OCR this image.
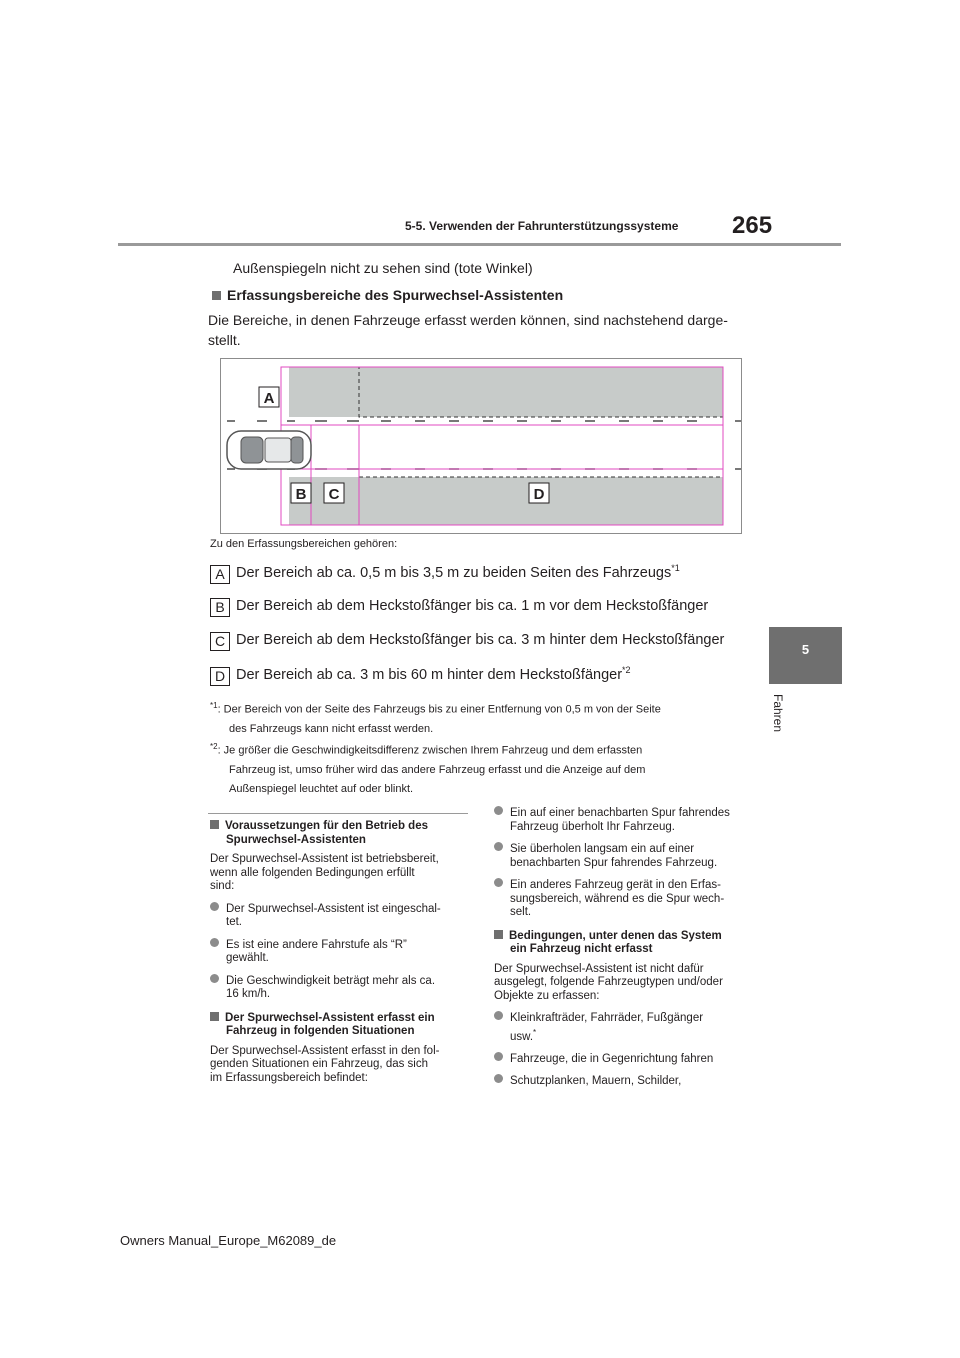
5-5. Verwenden der Fahrunterstützungssysteme 265
5
Fahren
Außenspiegeln nicht zu sehen sind (tote Winkel)
Erfassungsbereiche des Spurwechsel-Assistenten
Die Bereiche, in denen Fahrzeuge erfasst werden können, sind nachstehend darge-
stellt.
A
B C	D
Zu den Erfassungsbereichen gehören:
A Der Bereich ab ca. 0,5 m bis 3,5 m zu beiden Seiten des Fahrzeugs$^{*1}$
B Der Bereich ab dem Heckstoßfänger bis ca. 1 m vor dem Heckstoßfänger
C Der Bereich ab dem Heckstoßfänger bis ca. 3 m hinter dem Heckstoßfänger
D Der Bereich ab ca. 3 m bis 60 m hinter dem Heckstoßfänger$^{*2}$
$^{*1}$: Der Bereich von der Seite des Fahrzeugs bis zu einer Entfernung von 0,5 m von der Seite
des Fahrzeugs kann nicht erfasst werden.
$^{*2}$: Je größer die Geschwindigkeitsdifferenz zwischen Ihrem Fahrzeug und dem erfassten
Fahrzeug ist, umso früher wird das andere Fahrzeug erfasst und die Anzeige auf dem
Außenspiegel leuchtet auf oder blinkt.
Voraussetzungen für den Betrieb des
Spurwechsel-Assistenten
Der Spurwechsel-Assistent ist betriebsbereit,
wenn alle folgenden Bedingungen erfüllt
sind:
Der Spurwechsel-Assistent ist eingeschal-
tet.
Es ist eine andere Fahrstufe als “R”
gewählt.
Die Geschwindigkeit beträgt mehr als ca.
16 km/h.
Der Spurwechsel-Assistent erfasst ein
Fahrzeug in folgenden Situationen
Der Spurwechsel-Assistent erfasst in den fol-
genden Situationen ein Fahrzeug, das sich
im Erfassungsbereich befindet:
Ein auf einer benachbarten Spur fahrendes
Fahrzeug überholt Ihr Fahrzeug.
Sie überholen langsam ein auf einer
benachbarten Spur fahrendes Fahrzeug.
Ein anderes Fahrzeug gerät in den Erfas-
sungsbereich, während es die Spur wech-
selt.
Bedingungen, unter denen das System
ein Fahrzeug nicht erfasst
Der Spurwechsel-Assistent ist nicht dafür
ausgelegt, folgende Fahrzeugtypen und/oder
Objekte zu erfassen:
Kleinkrafträder, Fahrräder, Fußgänger
usw.*
Fahrzeuge, die in Gegenrichtung fahren
Schutzplanken, Mauern, Schilder,
Owners Manual_Europe_M62089_de
